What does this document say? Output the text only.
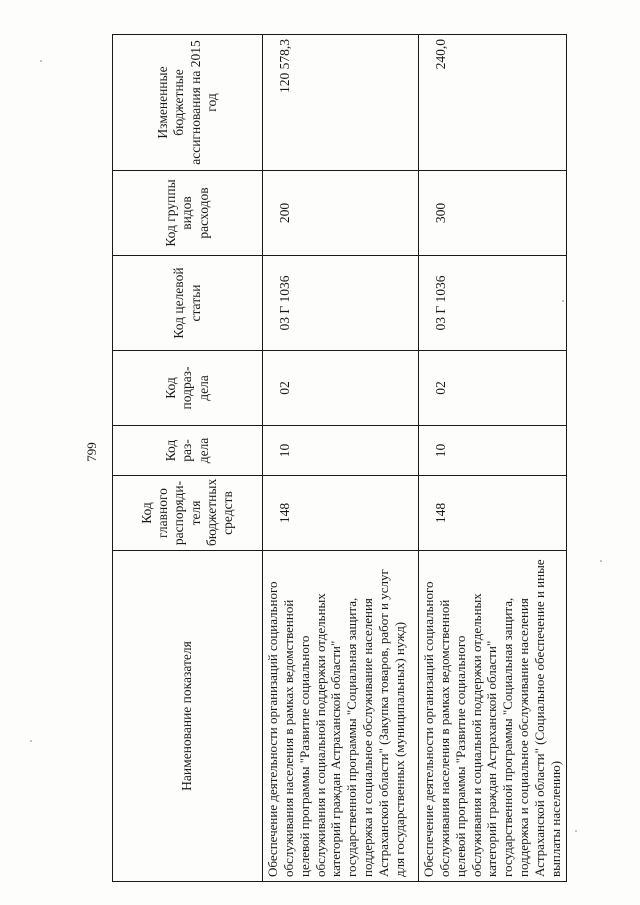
799
Наименование показателя	Код главного распоряди- теля бюджетных средств	Код раз- дела	Код подраз- дела	Код целевой статьи	Код группы видов расходов	Измененные бюджетные ассигнования на 2015 год
Обеспечение деятельности организаций социального обслуживания населения в рамках ведомственной целевой программы "Развитие социального обслуживания и социальной поддержки отдельных категорий граждан Астраханской области" государственной программы "Социальная защита, поддержка и социальное обслуживание населения Астраханской области" (Закупка товаров, работ и услуг для государственных (муниципальных) нужд)	148	10	02	03 Г 1036	200	120 578,3
Обеспечение деятельности организаций социального обслуживания населения в рамках ведомственной целевой программы "Развитие социального обслуживания и социальной поддержки отдельных категорий граждан Астраханской области" государственной программы "Социальная защита, поддержка и социальное обслуживание населения Астраханской области" (Социальное обеспечение и иные выплаты населению)	148	10	02	03 Г 1036	300	240,0
